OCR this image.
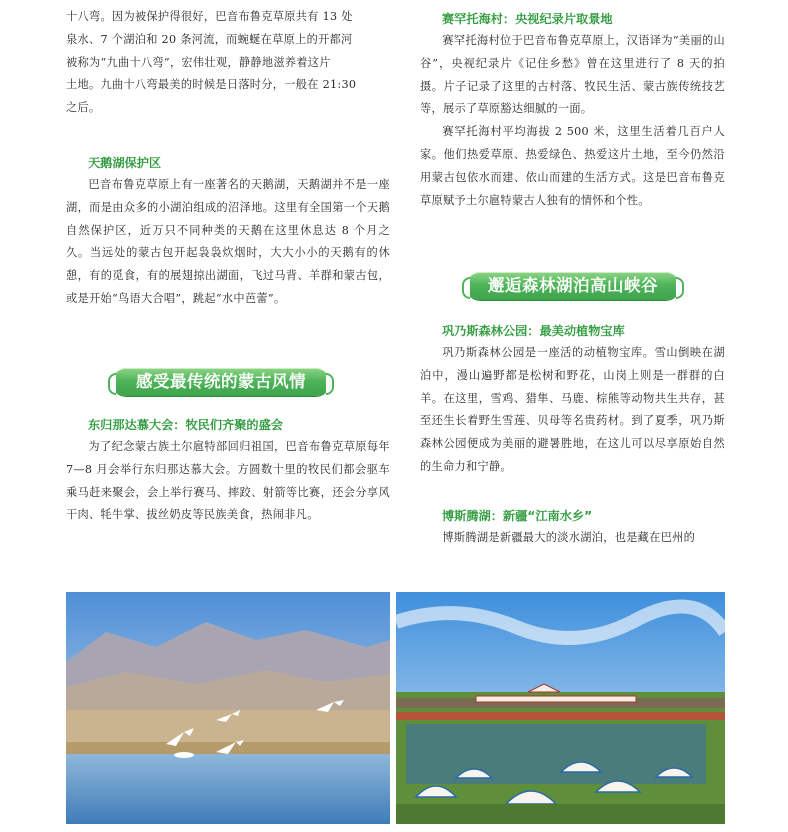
十八弯。因为被保护得很好，巴音布鲁克草原共有 13 处

泉水、7 个湖泊和 20 条河流，而蜿蜒在草原上的开都河

被称为“九曲十八弯”，宏伟壮观，静静地滋养着这片

土地。九曲十八弯最美的时候是日落时分，一般在 21:30

之后。

天鹅湖保护区

巴音布鲁克草原上有一座著名的天鹅湖，天鹅湖并不是一座湖，而是由众多的小湖泊组成的沼泽地。这里有全国第一个天鹅自然保护区，近万只不同种类的天鹅在这里休息达 8 个月之久。当远处的蒙古包开起袅袅炊烟时，大大小小的天鹅有的休憩，有的觅食，有的展翅掠出湖面，飞过马背、羊群和蒙古包，或是开始“鸟语大合唱”，跳起“水中芭蕾”。

感受最传统的蒙古风情
东归那达慕大会：牧民们齐聚的盛会

为了纪念蒙古族土尔扈特部回归祖国，巴音布鲁克草原每年 7—8 月会举行东归那达慕大会。方圆数十里的牧民们都会驱车乘马赶来聚会，会上举行赛马、摔跤、射箭等比赛，还会分享风干肉、牦牛掌、拔丝奶皮等民族美食，热闹非凡。

赛罕托海村：央视纪录片取景地

赛罕托海村位于巴音布鲁克草原上，汉语译为“美丽的山谷”，央视纪录片《记住乡愁》曾在这里进行了 8 天的拍摄。片子记录了这里的古村落、牧民生活、蒙古族传统技艺等，展示了草原豁达细腻的一面。

赛罕托海村平均海拔 2 500 米，这里生活着几百户人家。他们热爱草原、热爱绿色、热爱这片土地，至今仍然沿用蒙古包依水而建、依山而建的生活方式。这是巴音布鲁克草原赋予土尔扈特蒙古人独有的情怀和个性。

邂逅森林湖泊高山峡谷
巩乃斯森林公园：最美动植物宝库

巩乃斯森林公园是一座活的动植物宝库。雪山倒映在湖泊中，漫山遍野都是松树和野花，山岗上则是一群群的白羊。在这里，雪鸡、猎隼、马鹿、棕熊等动物共生共存，甚至还生长着野生雪莲、贝母等名贵药材。到了夏季，巩乃斯森林公园便成为美丽的避暑胜地，在这儿可以尽享原始自然的生命力和宁静。

博斯腾湖：新疆“江南水乡”

博斯腾湖是新疆最大的淡水湖泊，也是藏在巴州的
